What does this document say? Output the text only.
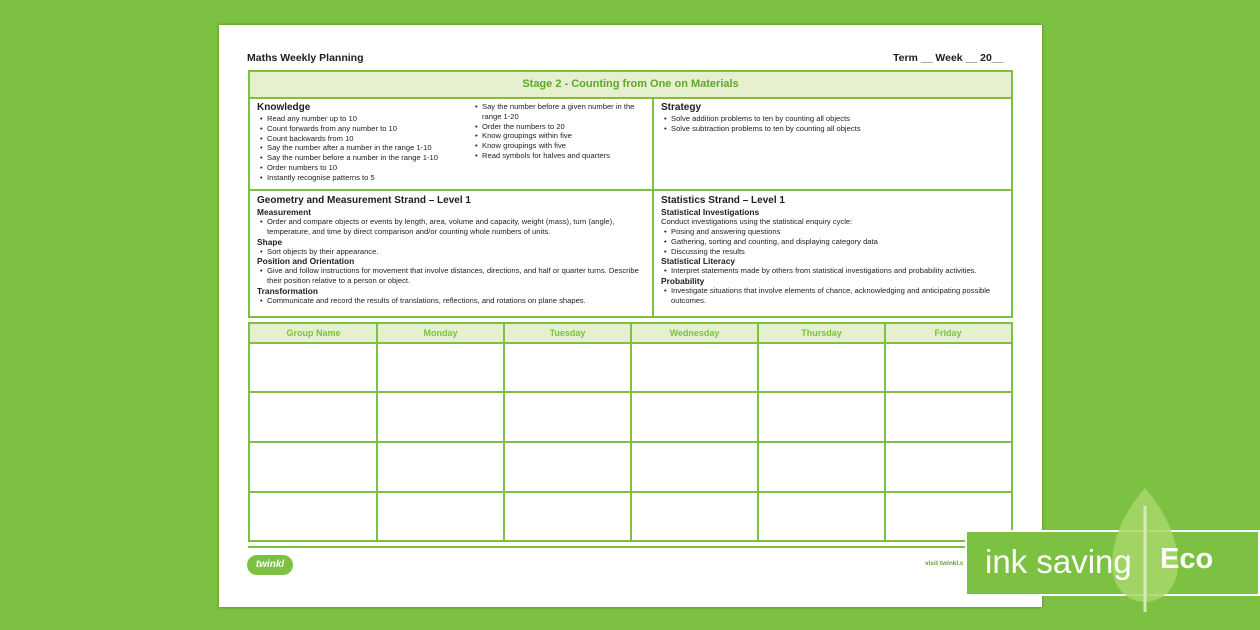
Maths Weekly Planning	Term __ Week __ 20__
Stage 2 - Counting from One on Materials
Knowledge
• Read any number up to 10
• Count forwards from any number to 10
• Count backwards from 10
• Say the number after a number in the range 1-10
• Say the number before a number in the range 1-10
• Order numbers to 10
• Instantly recognise patterns to 5
• Say the number before a given number in the range 1-20
• Order the numbers to 20
• Know groupings within five
• Know groupings with five
• Read symbols for halves and quarters
Strategy
• Solve addition problems to ten by counting all objects
• Solve subtraction problems to ten by counting all objects
Geometry and Measurement Strand – Level 1
Measurement
• Order and compare objects or events by length, area, volume and capacity, weight (mass), turn (angle), temperature, and time by direct comparison and/or counting whole numbers of units.
Shape
• Sort objects by their appearance.
Position and Orientation
• Give and follow instructions for movement that involve distances, directions, and half or quarter turns. Describe their position relative to a person or object.
Transformation
• Communicate and record the results of translations, reflections, and rotations on plane shapes.
Statistics Strand – Level 1
Statistical Investigations
Conduct investigations using the statistical enquiry cycle:
• Posing and answering questions
• Gathering, sorting and counting, and displaying category data
• Discussing the results
Statistical Literacy
• Interpret statements made by others from statistical investigations and probability activities.
Probability
• Investigate situations that involve elements of chance, acknowledging and anticipating possible outcomes.
Group Name	Monday	Tuesday	Wednesday	Thursday	Friday
twinkl	visit twinkl.c ink saving Eco
